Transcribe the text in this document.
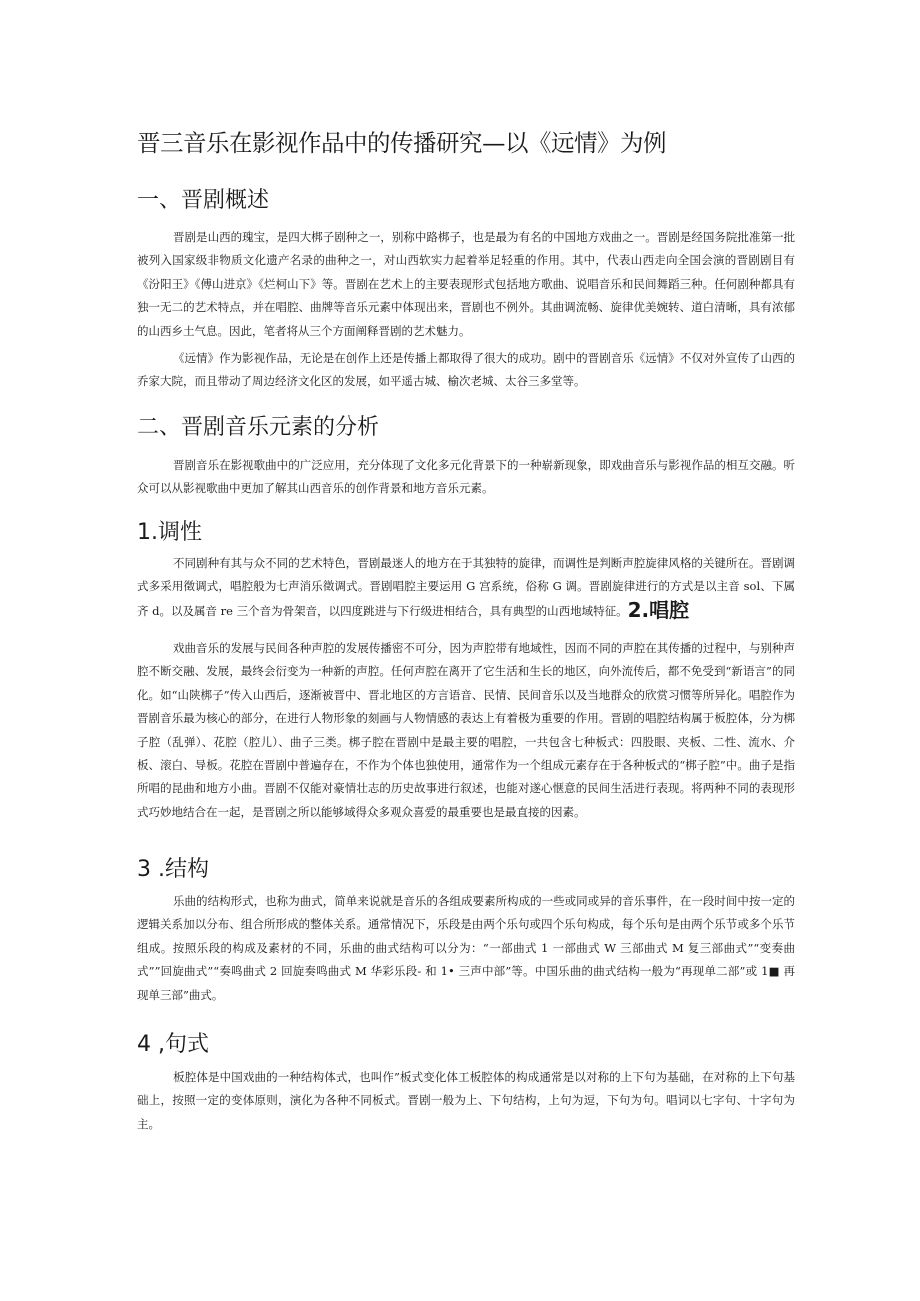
晋三音乐在影视作品中的传播研究—以《远情》为例
一、晋剧概述

晋剧是山西的瑰宝，是四大梆子剧种之一，别称中路梆子，也是最为有名的中国地方戏曲之一。晋剧是经国务院批准第一批被列入国家级非物质文化遗产名录的曲种之一，对山西软实力起着举足轻重的作用。其中，代表山西走向全国会演的晋剧剧目有《汾阳王》《傅山进京》《烂柯山下》等。晋剧在艺术上的主要表现形式包括地方歌曲、说唱音乐和民间舞蹈三种。任何剧种都具有独一无二的艺术特点，并在唱腔、曲牌等音乐元素中体现出来，晋剧也不例外。其曲调流畅、旋律优美婉转、道白清晰，具有浓郁的山西乡土气息。因此，笔者将从三个方面阐释晋剧的艺术魅力。

《远情》作为影视作品，无论是在创作上还是传播上都取得了很大的成功。剧中的晋剧音乐《远情》不仅对外宣传了山西的乔家大院，而且带动了周边经济文化区的发展，如平遥古城、榆次老城、太谷三多堂等。

二、晋剧音乐元素的分析

晋剧音乐在影视歌曲中的广泛应用，充分体现了文化多元化背景下的一种崭新现象，即戏曲音乐与影视作品的相互交融。听众可以从影视歌曲中更加了解其山西音乐的创作背景和地方音乐元素。

1.调性

不同剧种有其与众不同的艺术特色，晋剧最迷人的地方在于其独特的旋律，而调性是判断声腔旋律风格的关键所在。晋剧调式多采用徵调式，唱腔般为七声消乐徵调式。晋剧唱腔主要运用 G 宫系统，俗称 G 调。晋剧旋律进行的方式是以主音 sol、下属齐 d。以及属音 re 三个音为骨架音，以四度跳进与下行级进相结合，具有典型的山西地域特征。2.唱腔

戏曲音乐的发展与民间各种声腔的发展传播密不可分，因为声腔带有地域性，因而不同的声腔在其传播的过程中，与别种声腔不断交融、发展，最终会衍变为一种新的声腔。任何声腔在离开了它生活和生长的地区，向外流传后，都不免受到“新语言”的同化。如“山陕梆子”传入山西后，逐渐被晋中、晋北地区的方言语音、民情、民间音乐以及当地群众的欣赏习惯等所异化。唱腔作为晋剧音乐最为核心的部分，在进行人物形象的刻画与人物情感的表达上有着极为重要的作用。晋剧的唱腔结构属于板腔体，分为梆子腔（乱弹）、花腔（腔儿）、曲子三类。梆子腔在晋剧中是最主要的唱腔，一共包含七种板式：四股眼、夹板、二性、流水、介板、滚白、导板。花腔在晋剧中普遍存在，不作为个体也独使用，通常作为一个组成元素存在于各种板式的“梆子腔”中。曲子是指所唱的昆曲和地方小曲。晋剧不仅能对豪情壮志的历史故事进行叙述，也能对遂心惬意的民间生活进行表现。将两种不同的表现形式巧妙地结合在一起，是晋剧之所以能够域得众多观众喜爱的最重要也是最直接的因素。

3 .结构

乐曲的结构形式，也称为曲式，简单来说就是音乐的各组成要素所构成的一些或同或异的音乐事件，在一段时间中按一定的逻辑关系加以分布、组合所形成的整体关系。通常情况下，乐段是由两个乐句或四个乐句构成，每个乐句是由两个乐节或多个乐节组成。按照乐段的构成及素材的不同，乐曲的曲式结构可以分为：“一部曲式 1 一部曲式 W 三部曲式 M 复三部曲式”“变奏曲式””回旋曲式”“奏鸣曲式 2 回旋奏鸣曲式 M 华彩乐段- 和 1• 三声中部”等。中国乐曲的曲式结构一般为“再现单二部”或 1■ 再现单三部”曲式。

4 ,句式

板腔体是中国戏曲的一种结构体式，也叫作”板式变化体工板腔体的构成通常是以对称的上下句为基础，在对称的上下句基础上，按照一定的变体原则，演化为各种不同板式。晋剧一般为上、下句结构，上句为逗，下句为句。唱词以七字句、十字句为主。
